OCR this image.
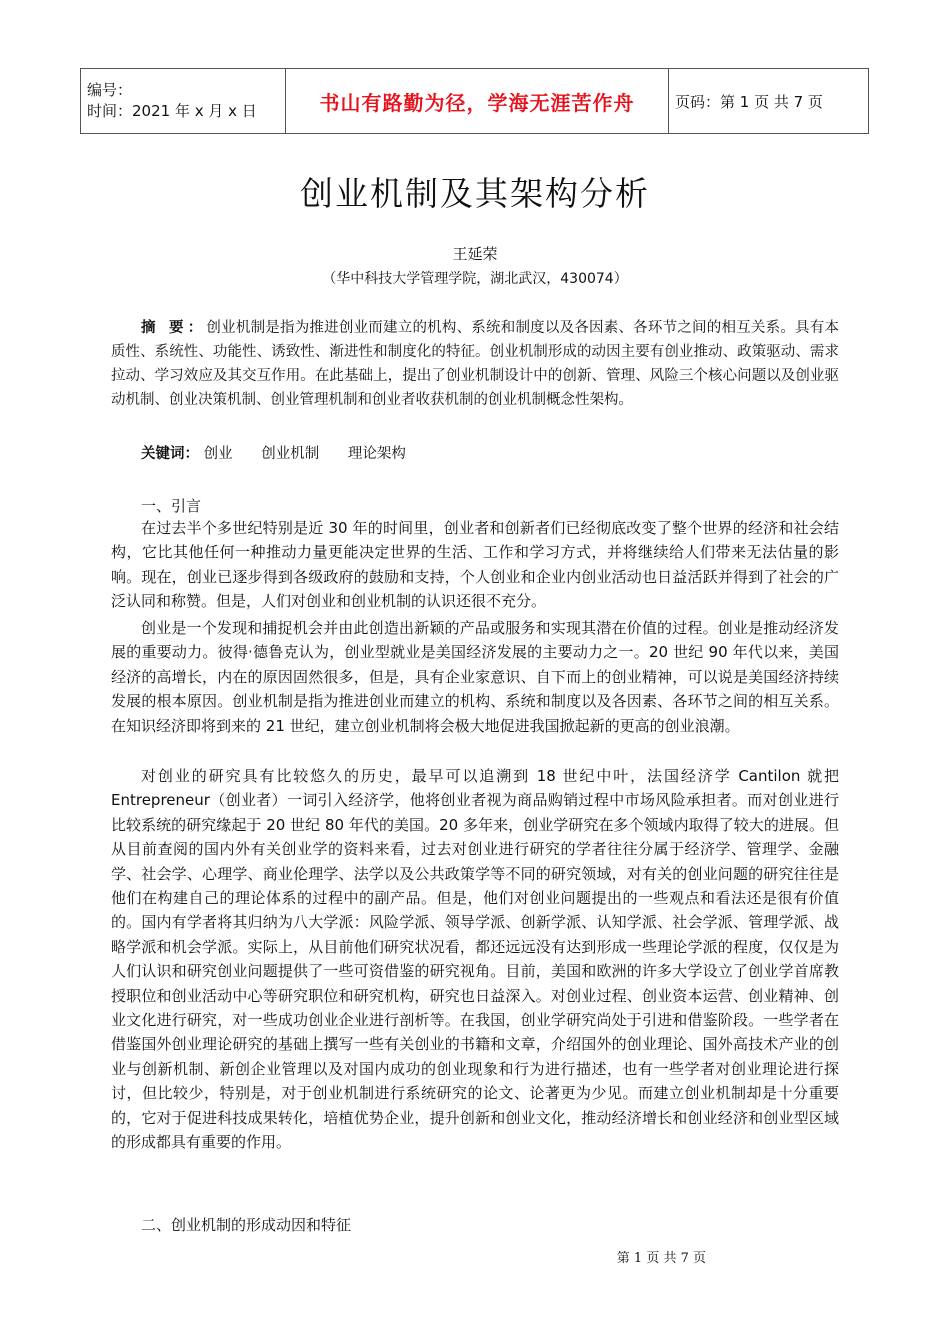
编号：
时间：2021 年 x 月 x 日	书山有路勤为径，学海无涯苦作舟	页码：第 1 页 共 7 页
创业机制及其架构分析
王延荣
（华中科技大学管理学院，湖北武汉，430074）

摘 要：创业机制是指为推进创业而建立的机构、系统和制度以及各因素、各环节之间的相互关系。具有本质性、系统性、功能性、诱致性、渐进性和制度化的特征。创业机制形成的动因主要有创业推动、政策驱动、需求拉动、学习效应及其交互作用。在此基础上，提出了创业机制设计中的创新、管理、风险三个核心问题以及创业驱动机制、创业决策机制、创业管理机制和创业者收获机制的创业机制概念性架构。

关键词： 创业 创业机制 理论架构
一、引言

在过去半个多世纪特别是近 30 年的时间里，创业者和创新者们已经彻底改变了整个世界的经济和社会结构，它比其他任何一种推动力量更能决定世界的生活、工作和学习方式，并将继续给人们带来无法估量的影响。现在，创业已逐步得到各级政府的鼓励和支持，个人创业和企业内创业活动也日益活跃并得到了社会的广泛认同和称赞。但是，人们对创业和创业机制的认识还很不充分。

创业是一个发现和捕捉机会并由此创造出新颖的产品或服务和实现其潜在价值的过程。创业是推动经济发展的重要动力。彼得·德鲁克认为，创业型就业是美国经济发展的主要动力之一。20 世纪 90 年代以来，美国经济的高增长，内在的原因固然很多，但是，具有企业家意识、自下而上的创业精神，可以说是美国经济持续发展的根本原因。创业机制是指为推进创业而建立的机构、系统和制度以及各因素、各环节之间的相互关系。在知识经济即将到来的 21 世纪，建立创业机制将会极大地促进我国掀起新的更高的创业浪潮。

对创业的研究具有比较悠久的历史，最早可以追溯到 18 世纪中叶，法国经济学 Cantilon 就把 Entrepreneur（创业者）一词引入经济学，他将创业者视为商品购销过程中市场风险承担者。而对创业进行比较系统的研究缘起于 20 世纪 80 年代的美国。20 多年来，创业学研究在多个领域内取得了较大的进展。但从目前查阅的国内外有关创业学的资料来看，过去对创业进行研究的学者往往分属于经济学、管理学、金融学、社会学、心理学、商业伦理学、法学以及公共政策学等不同的研究领域，对有关的创业问题的研究往往是他们在构建自己的理论体系的过程中的副产品。但是，他们对创业问题提出的一些观点和看法还是很有价值的。国内有学者将其归纳为八大学派：风险学派、领导学派、创新学派、认知学派、社会学派、管理学派、战略学派和机会学派。实际上，从目前他们研究状况看，都还远远没有达到形成一些理论学派的程度，仅仅是为人们认识和研究创业问题提供了一些可资借鉴的研究视角。目前，美国和欧洲的许多大学设立了创业学首席教授职位和创业活动中心等研究职位和研究机构，研究也日益深入。对创业过程、创业资本运营、创业精神、创业文化进行研究，对一些成功创业企业进行剖析等。在我国，创业学研究尚处于引进和借鉴阶段。一些学者在借鉴国外创业理论研究的基础上撰写一些有关创业的书籍和文章，介绍国外的创业理论、国外高技术产业的创业与创新机制、新创企业管理以及对国内成功的创业现象和行为进行描述，也有一些学者对创业理论进行探讨，但比较少，特别是，对于创业机制进行系统研究的论文、论著更为少见。而建立创业机制却是十分重要的，它对于促进科技成果转化，培植优势企业，提升创新和创业文化，推动经济增长和创业经济和创业型区域的形成都具有重要的作用。

二、创业机制的形成动因和特征
第 1 页 共 7 页
